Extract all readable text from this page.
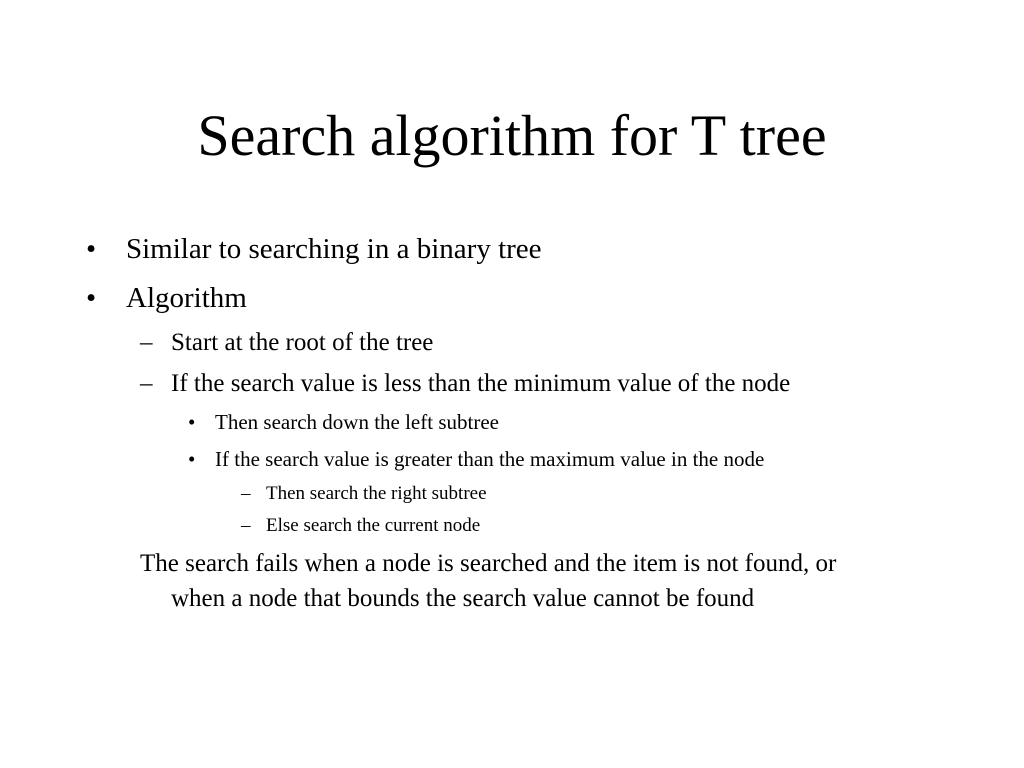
Search algorithm for T tree
• Similar to searching in a binary tree
• Algorithm
– Start at the root of the tree
– If the search value is less than the minimum value of the node
• Then search down the left subtree
• If the search value is greater than the maximum value in the node
– Then search the right subtree
– Else search the current node
The search fails when a node is searched and the item is not found, or
when a node that bounds the search value cannot be found
